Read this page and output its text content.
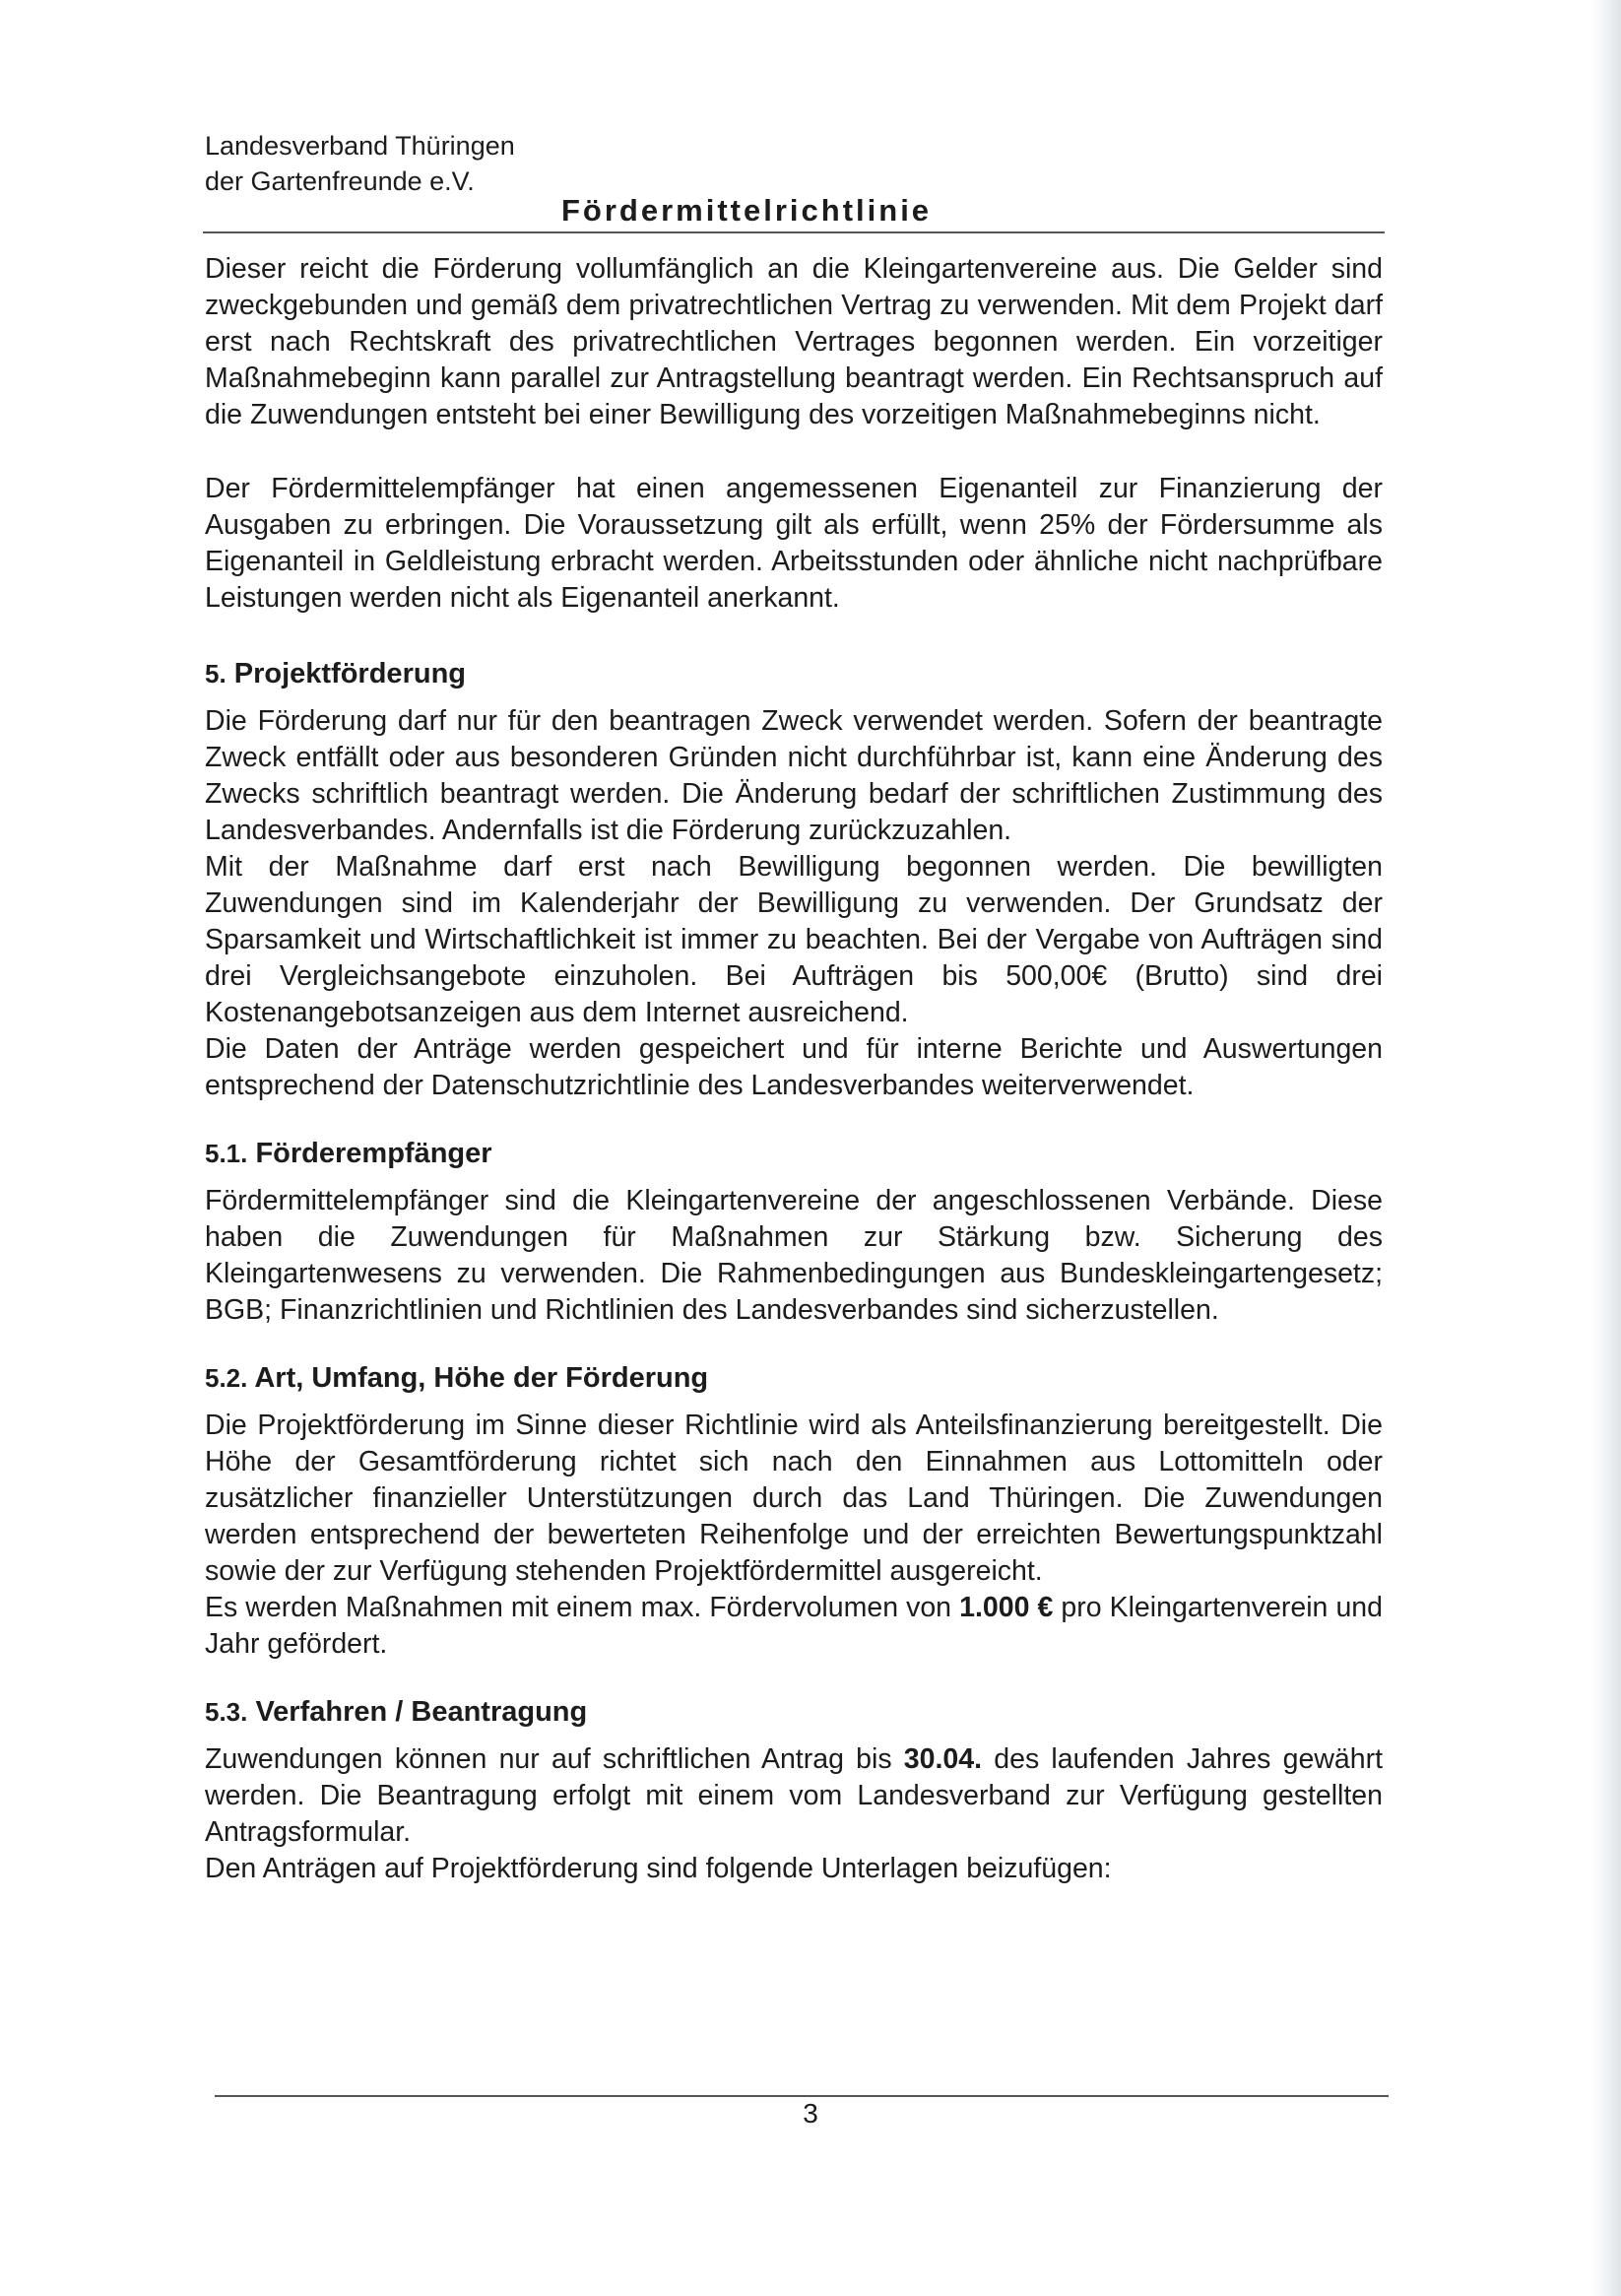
Landesverband Thüringen

der Gartenfreunde e.V.

Fördermittelrichtlinie

Dieser reicht die Förderung vollumfänglich an die Kleingartenvereine aus. Die Gelder sind zweckgebunden und gemäß dem privatrechtlichen Vertrag zu verwenden. Mit dem Projekt darf erst nach Rechtskraft des privatrechtlichen Vertrages begonnen werden. Ein vorzeitiger Maßnahmebeginn kann parallel zur Antragstellung beantragt werden. Ein Rechtsanspruch auf die Zuwendungen entsteht bei einer Bewilligung des vorzeitigen Maßnahmebeginns nicht.

Der Fördermittelempfänger hat einen angemessenen Eigenanteil zur Finanzierung der Ausgaben zu erbringen. Die Voraussetzung gilt als erfüllt, wenn 25% der Fördersumme als Eigenanteil in Geldleistung erbracht werden. Arbeitsstunden oder ähnliche nicht nachprüfbare Leistungen werden nicht als Eigenanteil anerkannt.

5. Projektförderung

Die Förderung darf nur für den beantragen Zweck verwendet werden. Sofern der beantragte Zweck entfällt oder aus besonderen Gründen nicht durchführbar ist, kann eine Änderung des Zwecks schriftlich beantragt werden. Die Änderung bedarf der schriftlichen Zustimmung des Landesverbandes. Andernfalls ist die Förderung zurückzuzahlen.

Mit der Maßnahme darf erst nach Bewilligung begonnen werden. Die bewilligten Zuwendungen sind im Kalenderjahr der Bewilligung zu verwenden. Der Grundsatz der Sparsamkeit und Wirtschaftlichkeit ist immer zu beachten. Bei der Vergabe von Aufträgen sind drei Vergleichsangebote einzuholen. Bei Aufträgen bis 500,00€ (Brutto) sind drei Kostenangebotsanzeigen aus dem Internet ausreichend.

Die Daten der Anträge werden gespeichert und für interne Berichte und Auswertungen entsprechend der Datenschutzrichtlinie des Landesverbandes weiterverwendet.

5.1. Förderempfänger

Fördermittelempfänger sind die Kleingartenvereine der angeschlossenen Verbände. Diese haben die Zuwendungen für Maßnahmen zur Stärkung bzw. Sicherung des Kleingartenwesens zu verwenden. Die Rahmenbedingungen aus Bundeskleingartengesetz; BGB; Finanzrichtlinien und Richtlinien des Landesverbandes sind sicherzustellen.

5.2. Art, Umfang, Höhe der Förderung

Die Projektförderung im Sinne dieser Richtlinie wird als Anteilsfinanzierung bereitgestellt. Die Höhe der Gesamtförderung richtet sich nach den Einnahmen aus Lottomitteln oder zusätzlicher finanzieller Unterstützungen durch das Land Thüringen. Die Zuwendungen werden entsprechend der bewerteten Reihenfolge und der erreichten Bewertungspunktzahl sowie der zur Verfügung stehenden Projektfördermittel ausgereicht.

Es werden Maßnahmen mit einem max. Fördervolumen von 1.000 € pro Kleingartenverein und Jahr gefördert.

5.3. Verfahren / Beantragung

Zuwendungen können nur auf schriftlichen Antrag bis 30.04. des laufenden Jahres gewährt werden. Die Beantragung erfolgt mit einem vom Landesverband zur Verfügung gestellten Antragsformular.

Den Anträgen auf Projektförderung sind folgende Unterlagen beizufügen:

3
